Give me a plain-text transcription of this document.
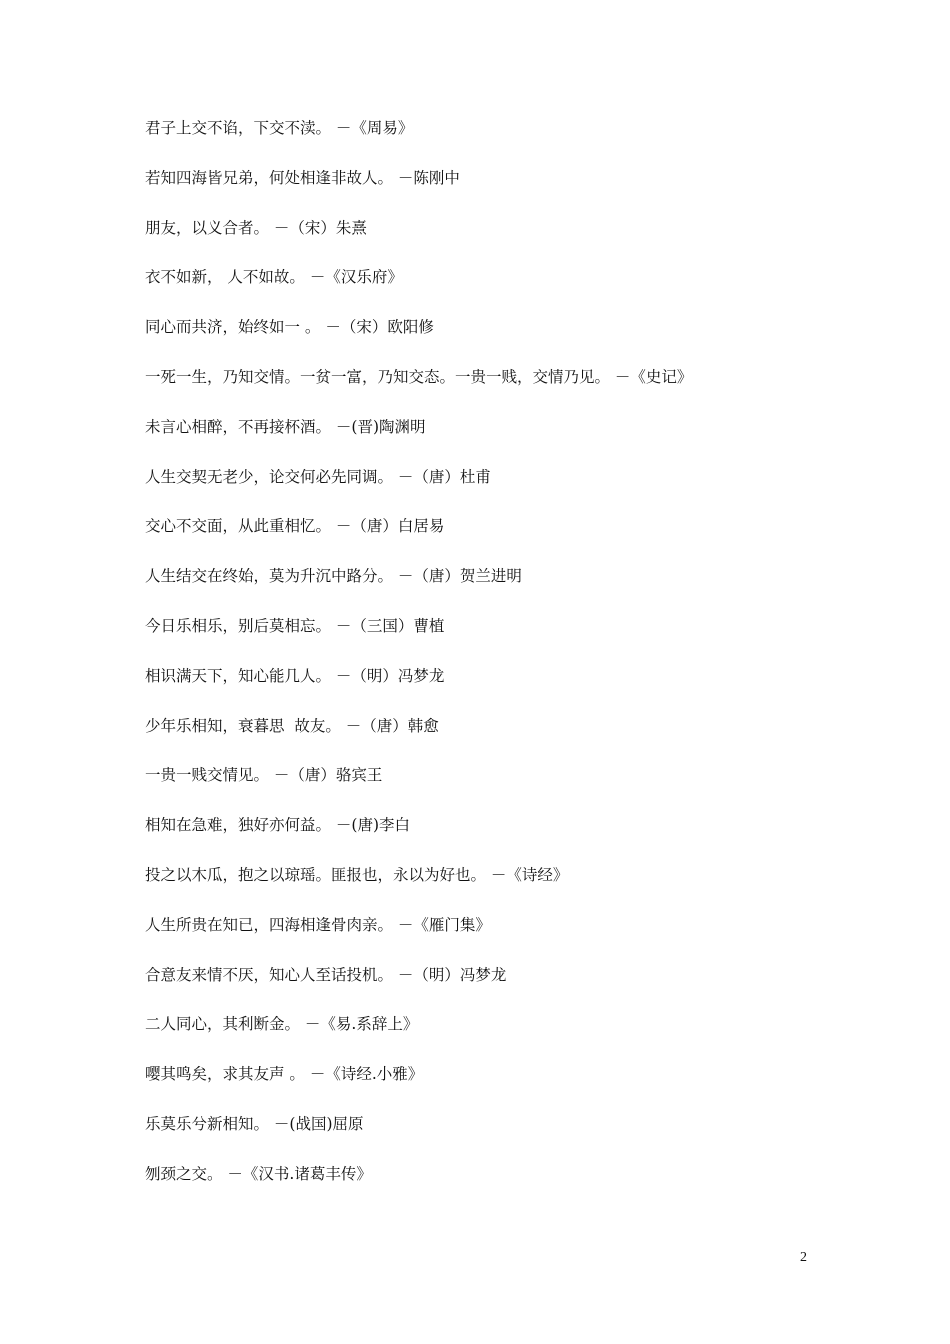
君子上交不谄，下交不渎。 －《周易》
若知四海皆兄弟，何处相逢非故人。 －陈刚中
朋友，以义合者。 －（宋）朱熹
衣不如新， 人不如故。 －《汉乐府》
同心而共济，始终如一 。 －（宋）欧阳修
一死一生，乃知交情。一贫一富，乃知交态。一贵一贱，交情乃见。 －《史记》
未言心相醉，不再接杯酒。 －(晋)陶渊明
人生交契无老少，论交何必先同调。 －（唐）杜甫
交心不交面，从此重相忆。 －（唐）白居易
人生结交在终始，莫为升沉中路分。 －（唐）贺兰进明
今日乐相乐，别后莫相忘。 －（三国）曹植
相识满天下，知心能几人。 －（明）冯梦龙
少年乐相知，衰暮思  故友。 －（唐）韩愈
一贵一贱交情见。 －（唐）骆宾王
相知在急难，独好亦何益。 －(唐)李白
投之以木瓜，抱之以琼瑶。匪报也，永以为好也。 －《诗经》
人生所贵在知已，四海相逢骨肉亲。 －《雁门集》
合意友来情不厌，知心人至话投机。 －（明）冯梦龙
二人同心，其利断金。 －《易.系辞上》
嘤其鸣矣，求其友声 。 －《诗经.小雅》
乐莫乐兮新相知。 －(战国)屈原
刎颈之交。 －《汉书.诸葛丰传》
2
